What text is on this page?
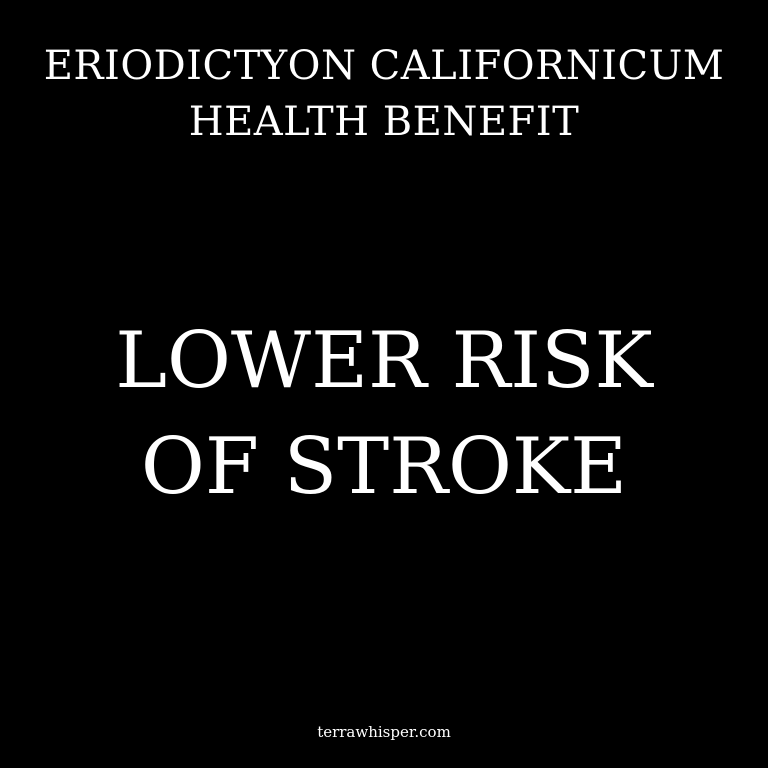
ERIODICTYON CALIFORNICUM
HEALTH BENEFIT
LOWER RISK
OF STROKE
terrawhisper.com
